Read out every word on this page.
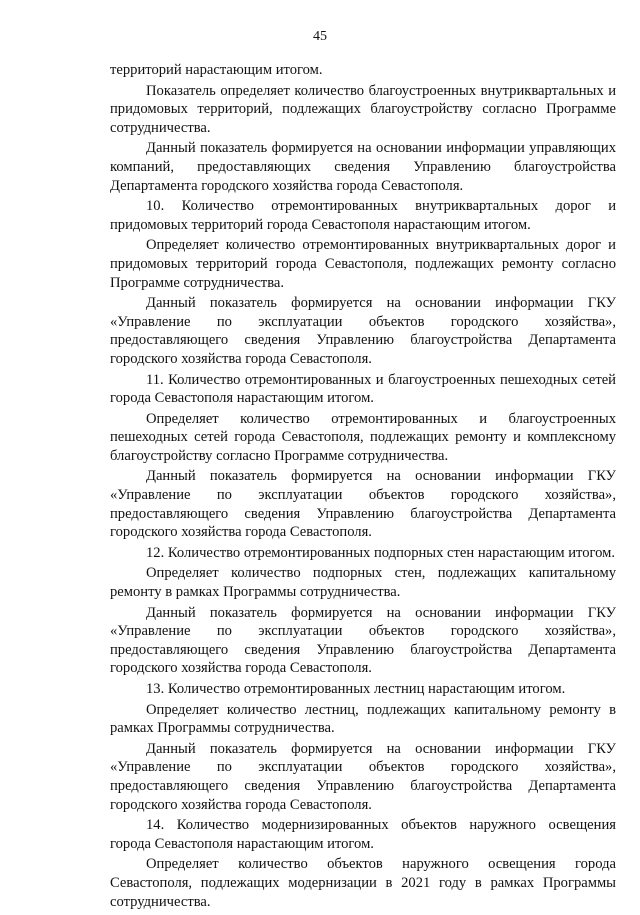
45

территорий нарастающим итогом.

Показатель определяет количество благоустроенных внутриквартальных и придомовых территорий, подлежащих благоустройству согласно Программе сотрудничества.

Данный показатель формируется на основании информации управляющих компаний, предоставляющих сведения Управлению благоустройства Департамента городского хозяйства города Севастополя.

10. Количество отремонтированных внутриквартальных дорог и придомовых территорий города Севастополя нарастающим итогом.

Определяет количество отремонтированных внутриквартальных дорог и придомовых территорий города Севастополя, подлежащих ремонту согласно Программе сотрудничества.

Данный показатель формируется на основании информации ГКУ «Управление по эксплуатации объектов городского хозяйства», предоставляющего сведения Управлению благоустройства Департамента городского хозяйства города Севастополя.

11. Количество отремонтированных и благоустроенных пешеходных сетей города Севастополя нарастающим итогом.

Определяет количество отремонтированных и благоустроенных пешеходных сетей города Севастополя, подлежащих ремонту и комплексному благоустройству согласно Программе сотрудничества.

Данный показатель формируется на основании информации ГКУ «Управление по эксплуатации объектов городского хозяйства», предоставляющего сведения Управлению благоустройства Департамента городского хозяйства города Севастополя.

12. Количество отремонтированных подпорных стен нарастающим итогом.

Определяет количество подпорных стен, подлежащих капитальному ремонту в рамках Программы сотрудничества.

Данный показатель формируется на основании информации ГКУ «Управление по эксплуатации объектов городского хозяйства», предоставляющего сведения Управлению благоустройства Департамента городского хозяйства города Севастополя.

13. Количество отремонтированных лестниц нарастающим итогом.

Определяет количество лестниц, подлежащих капитальному ремонту в рамках Программы сотрудничества.

Данный показатель формируется на основании информации ГКУ «Управление по эксплуатации объектов городского хозяйства», предоставляющего сведения Управлению благоустройства Департамента городского хозяйства города Севастополя.

14. Количество модернизированных объектов наружного освещения города Севастополя нарастающим итогом.

Определяет количество объектов наружного освещения города Севастополя, подлежащих модернизации в 2021 году в рамках Программы сотрудничества.
